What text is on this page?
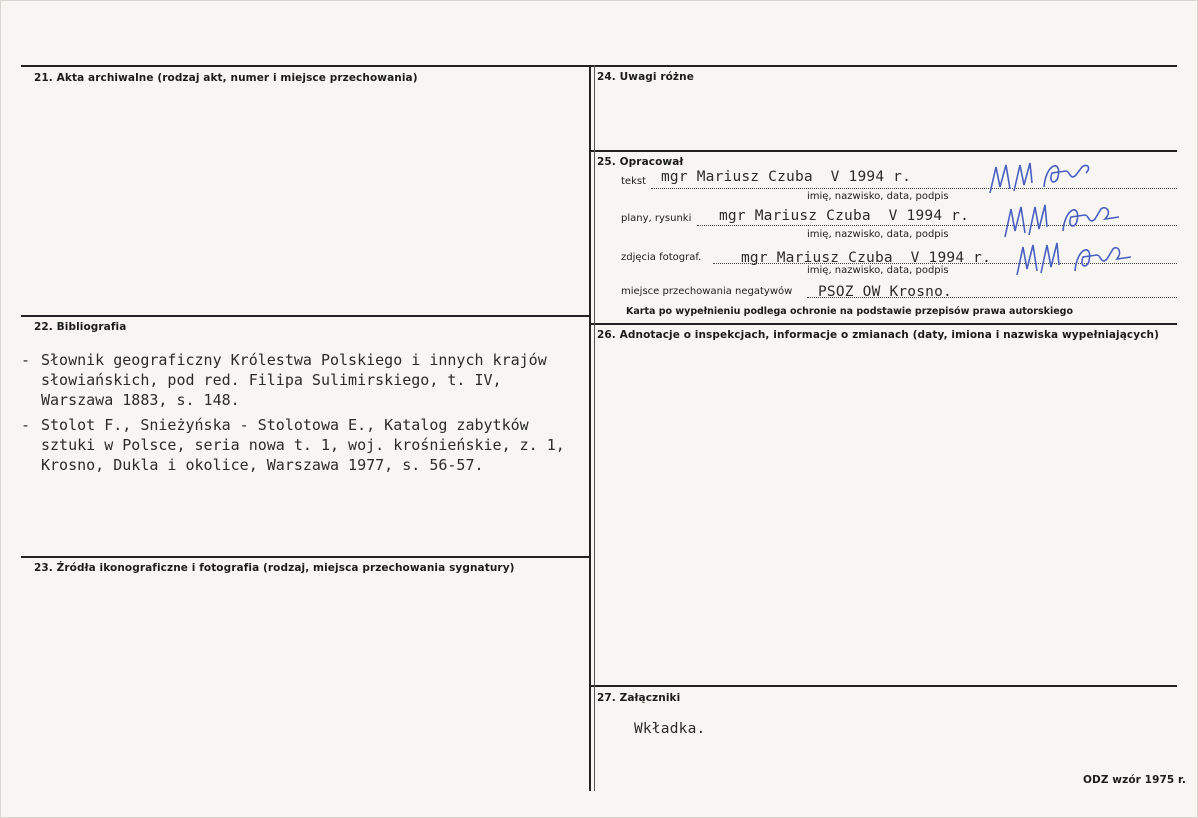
21. Akta archiwalne (rodzaj akt, numer i miejsce przechowania)
22. Bibliografia
23. Źródła ikonograficzne i fotografia (rodzaj, miejsca przechowania sygnatury)
24. Uwagi różne
25. Opracował
26. Adnotacje o inspekcjach, informacje o zmianach (daty, imiona i nazwiska wypełniających)
27. Załączniki
- Słownik geograficzny Królestwa Polskiego i innych krajów słowiańskich, pod red. Filipa Sulimirskiego, t. IV, Warszawa 1883, s. 148.
- Stolot F., Snieżyńska - Stolotowa E., Katalog zabytków sztuki w Polsce, seria nowa t. 1, woj. krośnieńskie, z. 1, Krosno, Dukla i okolice, Warszawa 1977, s. 56-57.
tekst mgr Mariusz Czuba  V 1994 r.
imię, nazwisko, data, podpis
plany, rysunki mgr Mariusz Czuba  V 1994 r.
imię, nazwisko, data, podpis
zdjęcia fotograf.	mgr Mariusz Czuba  V 1994 r.
imię, nazwisko, data, podpis
miejsce przechowania negatywów PSOZ OW Krosno.
Karta po wypełnieniu podlega ochronie na podstawie przepisów prawa autorskiego
Wkładka.
ODZ wzór 1975 r.
